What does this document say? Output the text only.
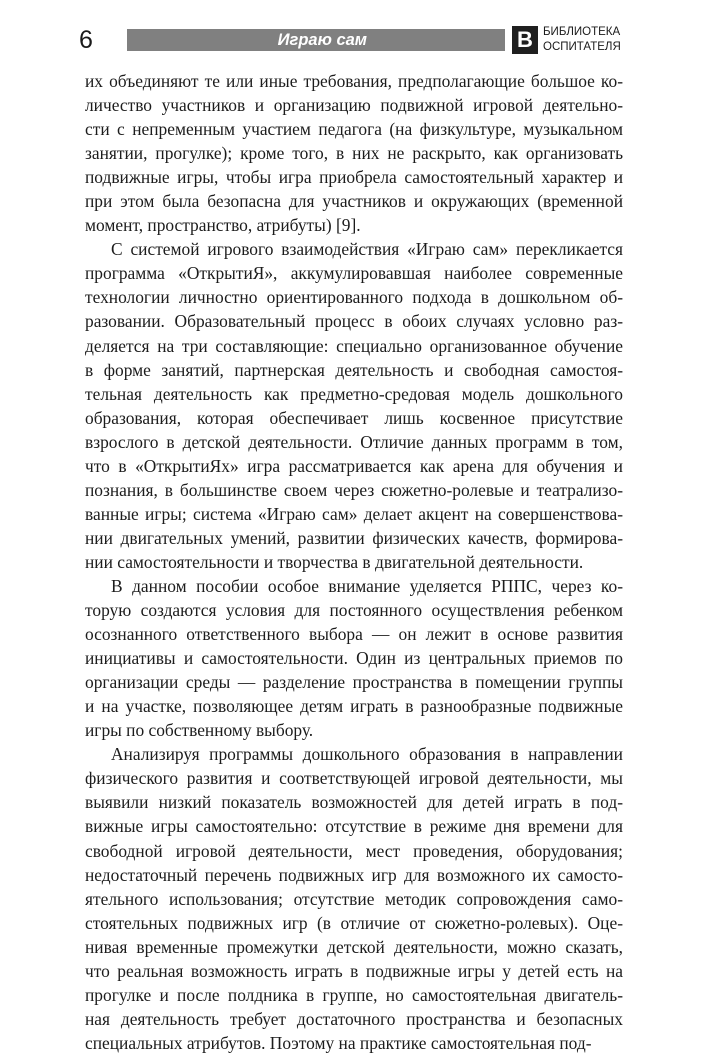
6	Играю сам	В БИБЛИОТЕКА
ОСПИТАТЕЛЯ
их объединяют те или иные требования, предполагающие большое ко-
личество участников и организацию подвижной игровой деятельно-
сти с непременным участием педагога (на физкультуре, музыкальном
занятии, прогулке); кроме того, в них не раскрыто, как организовать
подвижные игры, чтобы игра приобрела самостоятельный характер и
при этом была безопасна для участников и окружающих (временной
момент, пространство, атрибуты) [9].
С системой игрового взаимодействия «Играю сам» перекликается
программа «ОткрытиЯ», аккумулировавшая наиболее современные
технологии личностно ориентированного подхода в дошкольном об-
разовании. Образовательный процесс в обоих случаях условно раз-
деляется на три составляющие: специально организованное обучение
в форме занятий, партнерская деятельность и свободная самостоя-
тельная деятельность как предметно-средовая модель дошкольного
образования, которая обеспечивает лишь косвенное присутствие
взрослого в детской деятельности. Отличие данных программ в том,
что в «ОткрытиЯх» игра рассматривается как арена для обучения и
познания, в большинстве своем через сюжетно-ролевые и театрализо-
ванные игры; система «Играю сам» делает акцент на совершенствова-
нии двигательных умений, развитии физических качеств, формирова-
нии самостоятельности и творчества в двигательной деятельности.
В данном пособии особое внимание уделяется РППС, через ко-
торую создаются условия для постоянного осуществления ребенком
осознанного ответственного выбора — он лежит в основе развития
инициативы и самостоятельности. Один из центральных приемов по
организации среды — разделение пространства в помещении группы
и на участке, позволяющее детям играть в разнообразные подвижные
игры по собственному выбору.
Анализируя программы дошкольного образования в направлении
физического развития и соответствующей игровой деятельности, мы
выявили низкий показатель возможностей для детей играть в под-
вижные игры самостоятельно: отсутствие в режиме дня времени для
свободной игровой деятельности, мест проведения, оборудования;
недостаточный перечень подвижных игр для возможного их самосто-
ятельного использования; отсутствие методик сопровождения само-
стоятельных подвижных игр (в отличие от сюжетно-ролевых). Оце-
нивая временные промежутки детской деятельности, можно сказать,
что реальная возможность играть в подвижные игры у детей есть на
прогулке и после полдника в группе, но самостоятельная двигатель-
ная деятельность требует достаточного пространства и безопасных
специальных атрибутов. Поэтому на практике самостоятельная под-
